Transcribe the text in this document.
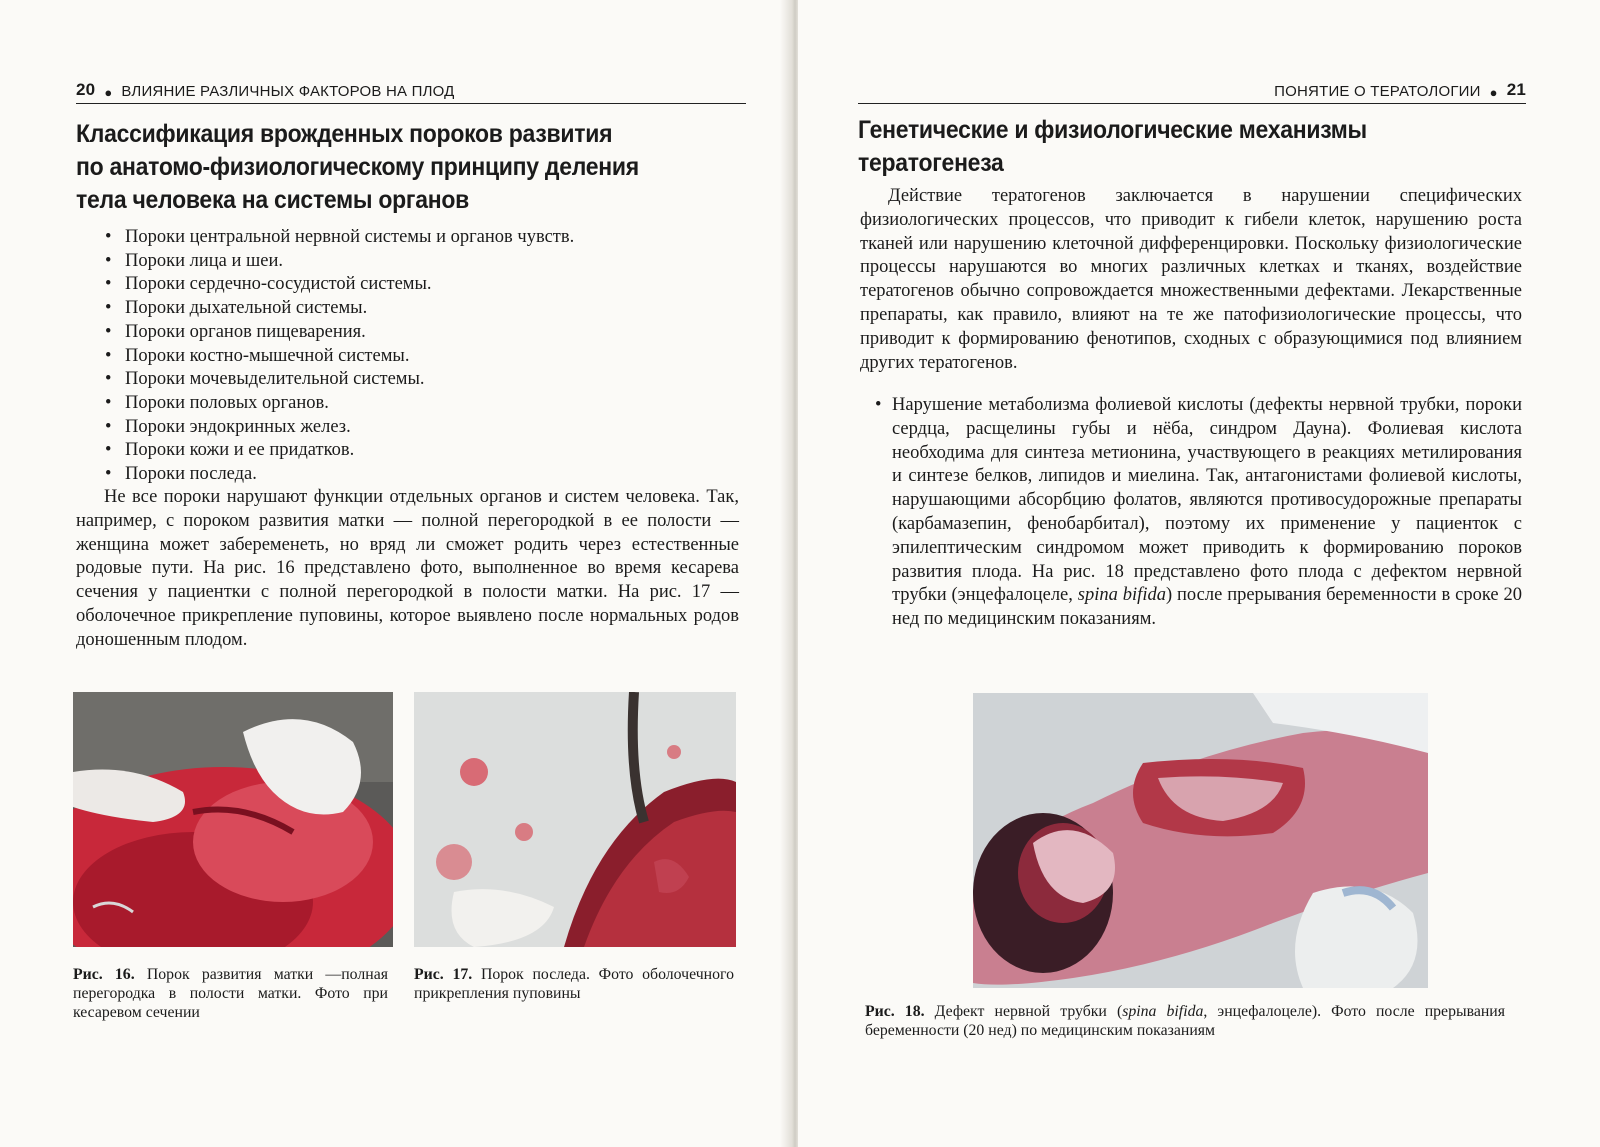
20 ● ВЛИЯНИЕ РАЗЛИЧНЫХ ФАКТОРОВ НА ПЛОД
Классификация врожденных пороков развития
по анатомо-физиологическому принципу деления
тела человека на системы органов
• Пороки центральной нервной системы и органов чувств.
• Пороки лица и шеи.
• Пороки сердечно-сосудистой системы.
• Пороки дыхательной системы.
• Пороки органов пищеварения.
• Пороки костно-мышечной системы.
• Пороки мочевыделительной системы.
• Пороки половых органов.
• Пороки эндокринных желез.
• Пороки кожи и ее придатков.
• Пороки последа.

Не все пороки нарушают функции отдельных органов и систем человека. Так, например, с пороком развития матки — полной перегородкой в ее полости — женщина может забеременеть, но вряд ли сможет родить через естественные родовые пути. На рис. 16 представлено фото, выполненное во время кесарева сечения у пациентки с полной перегородкой в полости матки. На рис. 17 — оболочечное прикрепление пуповины, которое выявлено после нормальных родов доношенным плодом.

Рис. 16. Порок развития матки —полная перегородка в полости матки. Фото при кесаревом сечении

Рис. 17. Порок последа. Фото оболочечного прикрепления пуповины

ПОНЯТИЕ О ТЕРАТОЛОГИИ ● 21
Генетические и физиологические механизмы
тератогенеза

Действие тератогенов заключается в нарушении специфических физиологических процессов, что приводит к гибели клеток, нарушению роста тканей или нарушению клеточной дифференцировки. Поскольку физиологические процессы нарушаются во многих различных клетках и тканях, воздействие тератогенов обычно сопровождается множественными дефектами. Лекарственные препараты, как правило, влияют на те же патофизиологические процессы, что приводит к формированию фенотипов, сходных с образующимися под влиянием других тератогенов.

• Нарушение метаболизма фолиевой кислоты (дефекты нервной трубки, пороки сердца, расщелины губы и нёба, синдром Дауна). Фолиевая кислота необходима для синтеза метионина, участвующего в реакциях метилирования и синтезе белков, липидов и миелина. Так, антагонистами фолиевой кислоты, нарушающими абсорбцию фолатов, являются противосудорожные препараты (карбамазепин, фенобарбитал), поэтому их применение у пациенток с эпилептическим синдромом может приводить к формированию пороков развития плода. На рис. 18 представлено фото плода с дефектом нервной трубки (энцефалоцеле, spina bifida) после прерывания беременности в сроке 20 нед по медицинским показаниям.

Рис. 18. Дефект нервной трубки (spina bifida, энцефалоцеле). Фото после прерывания беременности (20 нед) по медицинским показаниям
